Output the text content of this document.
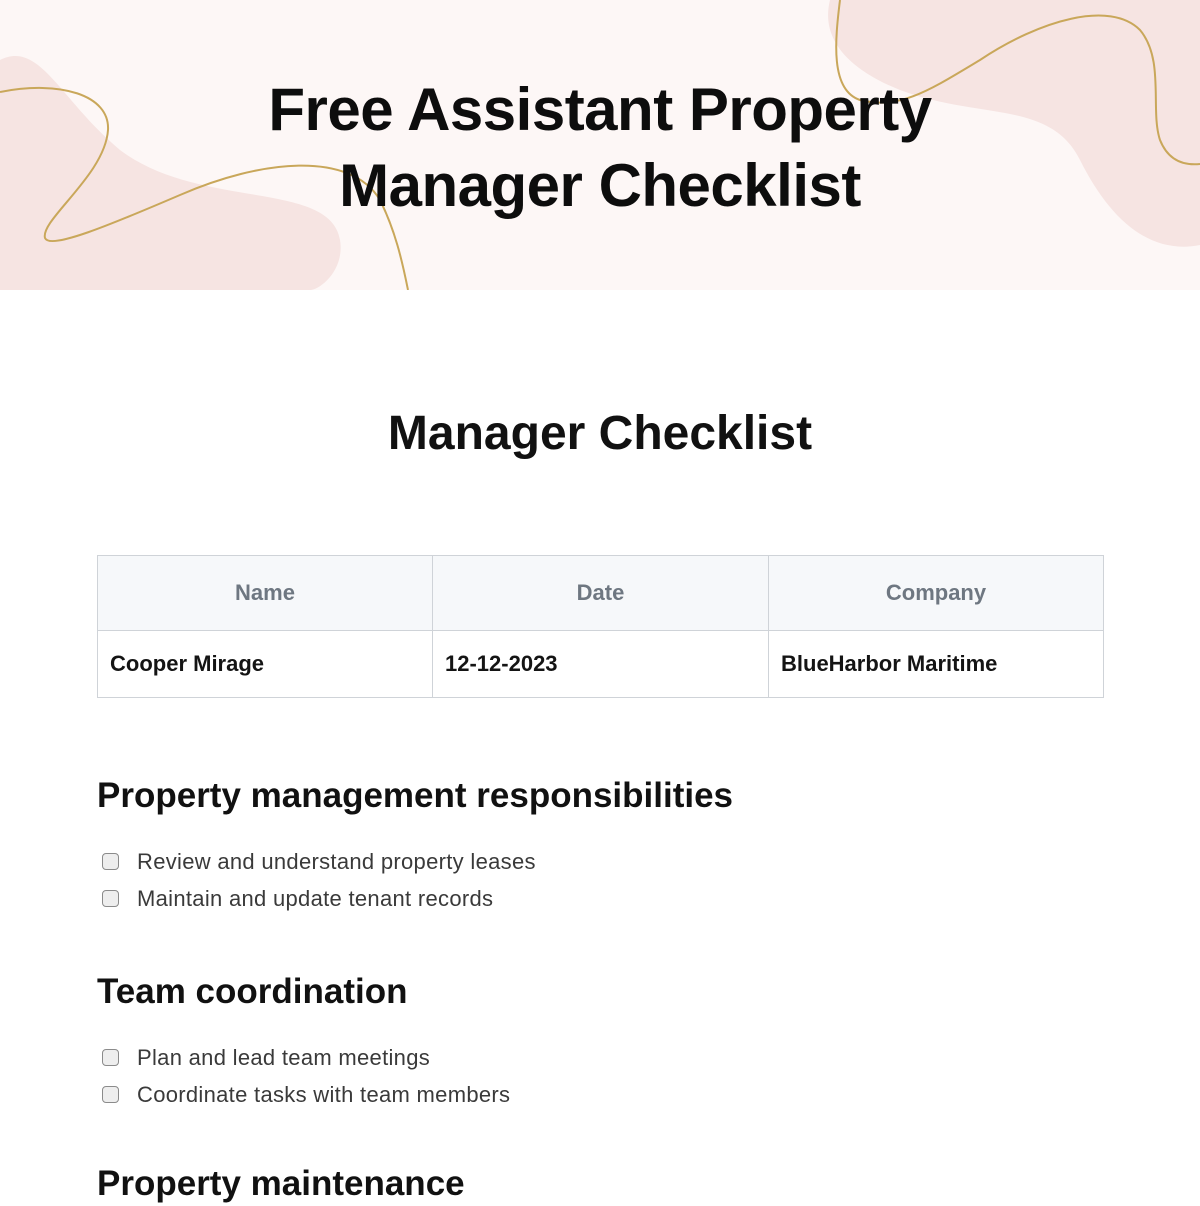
Free Assistant Property
Manager Checklist
Manager Checklist
Name	Date	Company
Cooper Mirage	12-12-2023	BlueHarbor Maritime
Property management responsibilities
Review and understand property leases
Maintain and update tenant records
Team coordination
Plan and lead team meetings
Coordinate tasks with team members
Property maintenance
